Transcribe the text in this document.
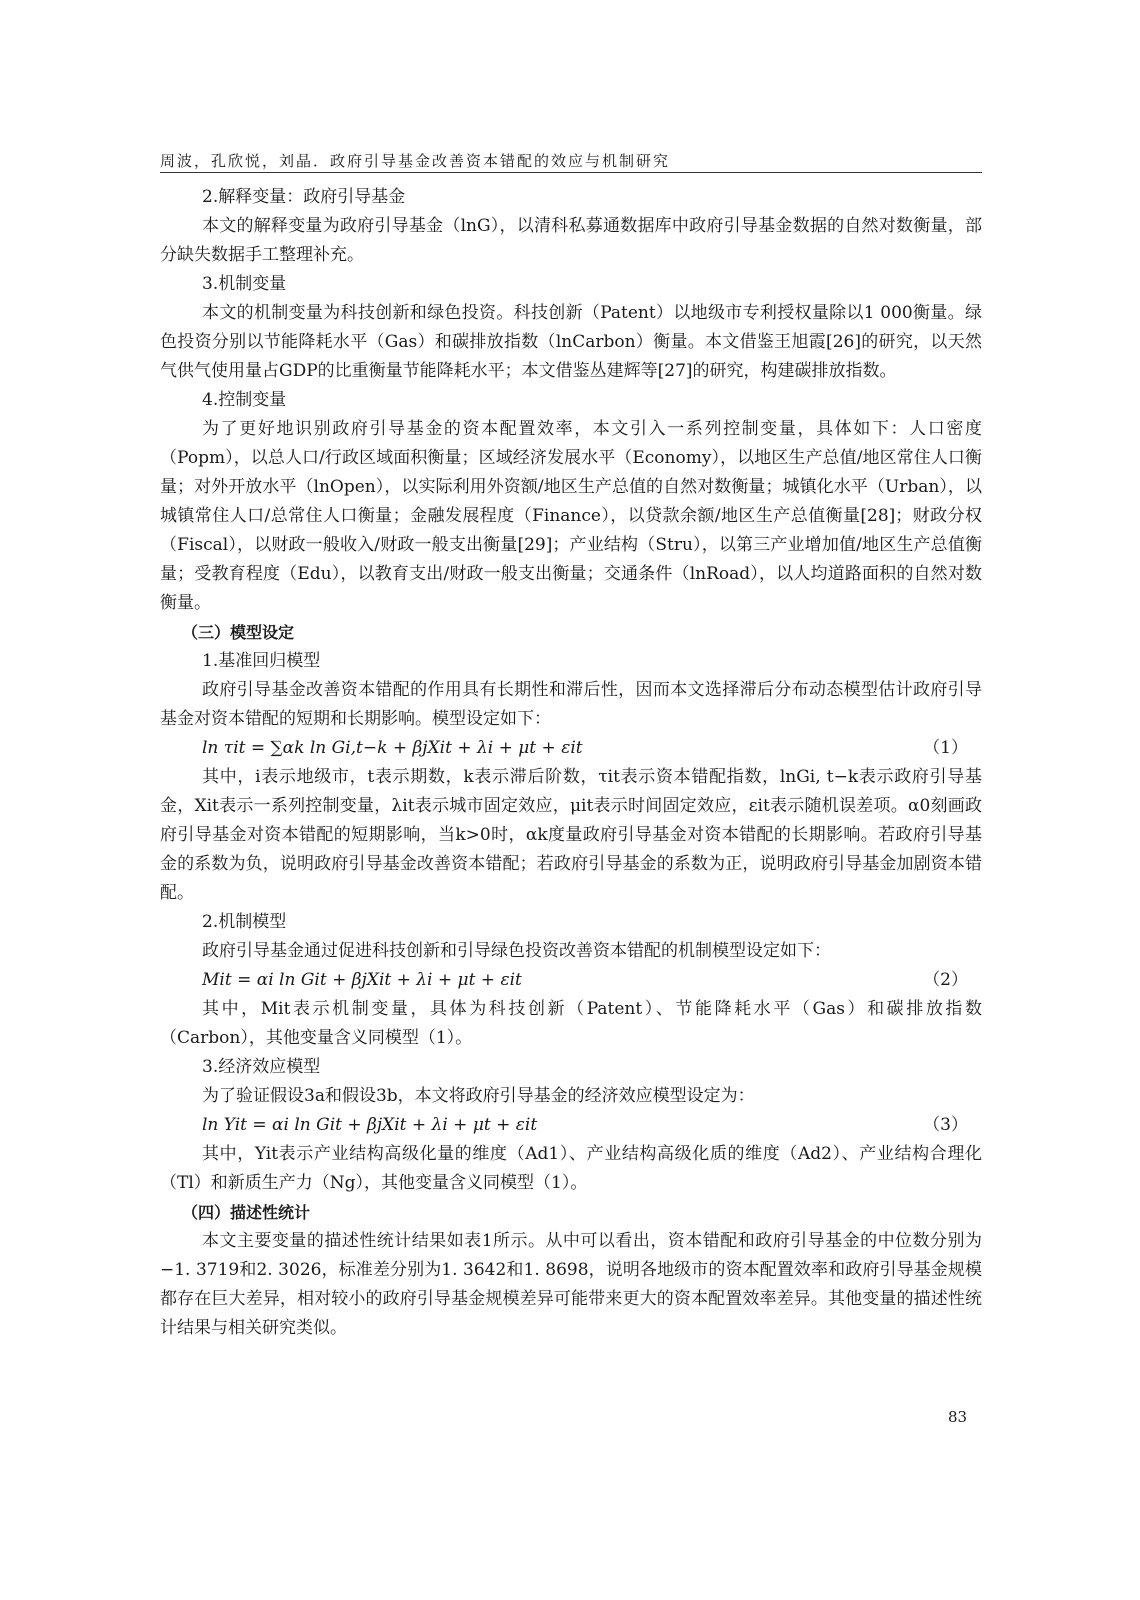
周波，孔欣悦，刘晶．政府引导基金改善资本错配的效应与机制研究

2.解释变量：政府引导基金

本文的解释变量为政府引导基金（lnG），以清科私募通数据库中政府引导基金数据的自然对数衡量，部分缺失数据手工整理补充。

3.机制变量

本文的机制变量为科技创新和绿色投资。科技创新（Patent）以地级市专利授权量除以1 000衡量。绿色投资分别以节能降耗水平（Gas）和碳排放指数（lnCarbon）衡量。本文借鉴王旭霞[26]的研究，以天然气供气使用量占GDP的比重衡量节能降耗水平；本文借鉴丛建辉等[27]的研究，构建碳排放指数。

4.控制变量

为了更好地识别政府引导基金的资本配置效率，本文引入一系列控制变量，具体如下：人口密度（Popm），以总人口/行政区域面积衡量；区域经济发展水平（Economy），以地区生产总值/地区常住人口衡量；对外开放水平（lnOpen），以实际利用外资额/地区生产总值的自然对数衡量；城镇化水平（Urban），以城镇常住人口/总常住人口衡量；金融发展程度（Finance），以贷款余额/地区生产总值衡量[28]；财政分权（Fiscal），以财政一般收入/财政一般支出衡量[29]；产业结构（Stru），以第三产业增加值/地区生产总值衡量；受教育程度（Edu），以教育支出/财政一般支出衡量；交通条件（lnRoad），以人均道路面积的自然对数衡量。

（三）模型设定

1.基准回归模型

政府引导基金改善资本错配的作用具有长期性和滞后性，因而本文选择滞后分布动态模型估计政府引导基金对资本错配的短期和长期影响。模型设定如下：

ln τit = ∑αk ln Gi,t−k + βjXit + λi + μt + εit	（1）

其中，i表示地级市，t表示期数，k表示滞后阶数，τit表示资本错配指数，lnGi, t−k表示政府引导基金，Xit表示一系列控制变量，λit表示城市固定效应，μit表示时间固定效应，εit表示随机误差项。α0刻画政府引导基金对资本错配的短期影响，当k>0时，αk度量政府引导基金对资本错配的长期影响。若政府引导基金的系数为负，说明政府引导基金改善资本错配；若政府引导基金的系数为正，说明政府引导基金加剧资本错配。

2.机制模型

政府引导基金通过促进科技创新和引导绿色投资改善资本错配的机制模型设定如下：

Mit = αi ln Git + βjXit + λi + μt + εit	（2）

其中，Mit表示机制变量，具体为科技创新（Patent）、节能降耗水平（Gas）和碳排放指数（Carbon），其他变量含义同模型（1）。

3.经济效应模型

为了验证假设3a和假设3b，本文将政府引导基金的经济效应模型设定为：

ln Yit = αi ln Git + βjXit + λi + μt + εit	（3）

其中，Yit表示产业结构高级化量的维度（Ad1）、产业结构高级化质的维度（Ad2）、产业结构合理化（Tl）和新质生产力（Ng），其他变量含义同模型（1）。

（四）描述性统计

本文主要变量的描述性统计结果如表1所示。从中可以看出，资本错配和政府引导基金的中位数分别为−1. 3719和2. 3026，标准差分别为1. 3642和1. 8698，说明各地级市的资本配置效率和政府引导基金规模都存在巨大差异，相对较小的政府引导基金规模差异可能带来更大的资本配置效率差异。其他变量的描述性统计结果与相关研究类似。

83
